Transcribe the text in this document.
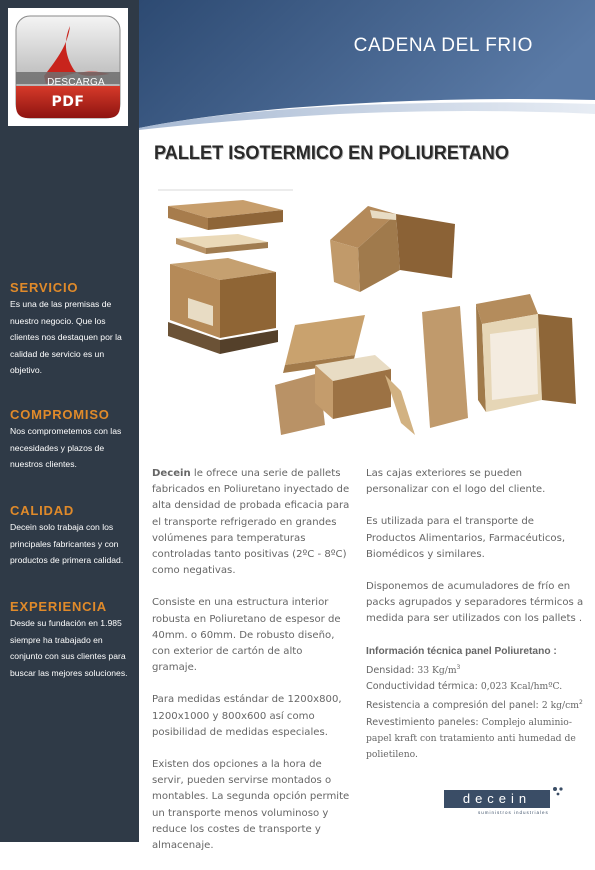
DESCARGA
PDF
SERVICIO
Es una de las premisas de nuestro negocio. Que los clientes nos destaquen por la calidad de servicio es un objetivo.
COMPROMISO
Nos comprometemos con las necesidades y plazos de nuestros clientes.
CALIDAD
Decein solo trabaja con los principales fabricantes y con productos de primera calidad.
EXPERIENCIA
Desde su fundación en 1.985 siempre ha trabajado en conjunto con sus clientes para buscar las mejores soluciones.
CADENA DEL FRIO
PALLET ISOTERMICO EN POLIURETANO

Decein le ofrece una serie de pallets fabricados en Poliuretano inyectado de alta densidad de probada eficacia para el transporte refrigerado en grandes volúmenes para temperaturas controladas tanto positivas (2ºC - 8ºC) como negativas.

Consiste en una estructura interior robusta en Poliuretano de espesor de 40mm. o 60mm. De robusto diseño, con exterior de cartón de alto gramaje.

Para medidas estándar de 1200x800, 1200x1000 y 800x600 así como posibilidad de medidas especiales.

Existen dos opciones a la hora de servir, pueden servirse montados o montables. La segunda opción permite un transporte menos voluminoso y reduce los costes de transporte y almacenaje.

Las cajas exteriores se pueden personalizar con el logo del cliente.

Es utilizada para el transporte de Productos Alimentarios, Farmacéuticos, Biomédicos y similares.

Disponemos de acumuladores de frío en packs agrupados y separadores térmicos a medida para ser utilizados con los pallets .

Información técnica panel Poliuretano :
Densidad: 33 $Kg/m^3$
Conductividad térmica: 0,023 Kcal/hmºC.
Resistencia a compresión del panel: 2 $kg/cm^2$
Revestimiento paneles: Complejo aluminio-papel kraft con tratamiento anti humedad de polietileno.
decein
suministros industriales
